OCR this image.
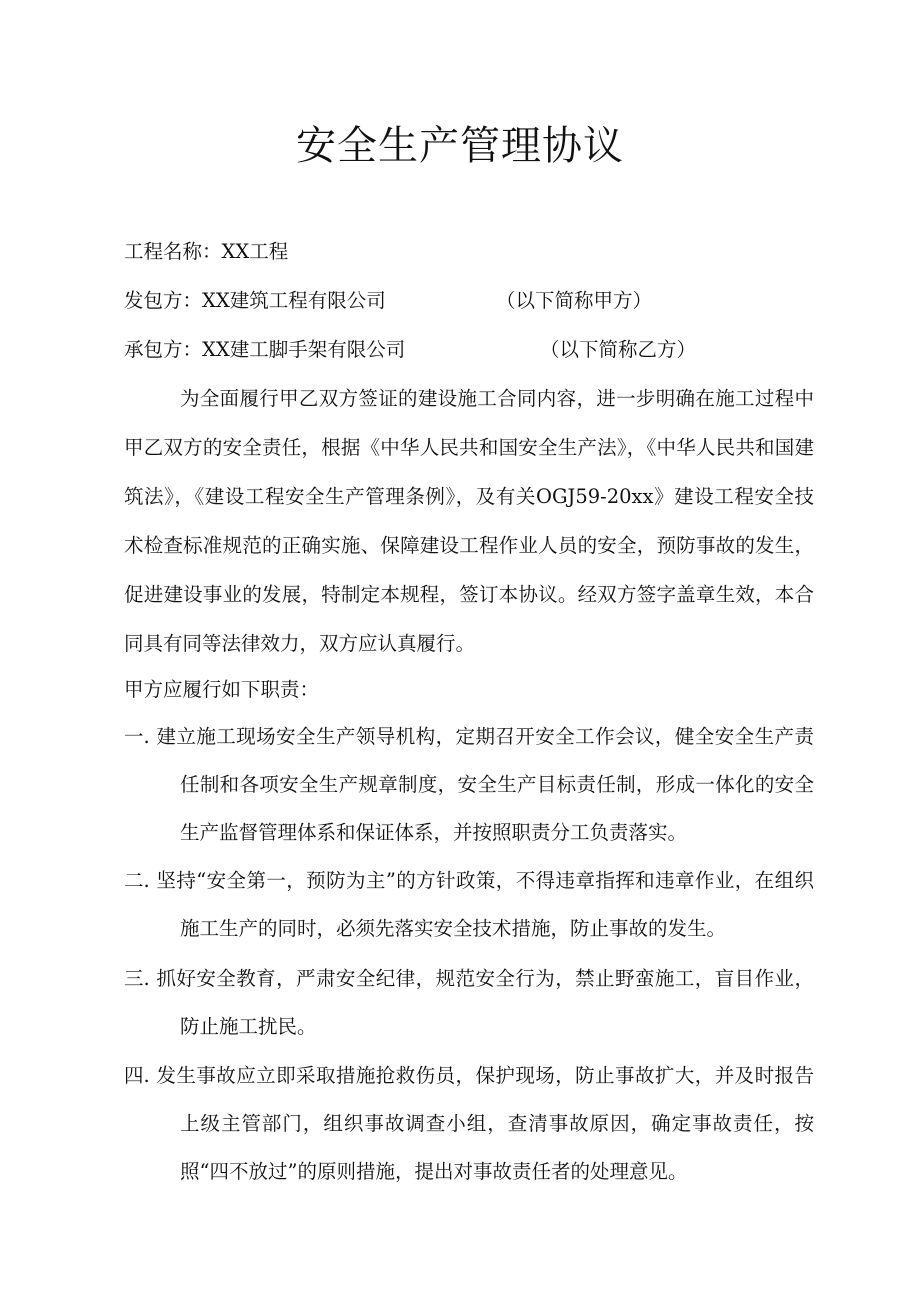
安全生产管理协议
工程名称：XX工程
发包方：XX建筑工程有限公司	（以下简称甲方）
承包方：XX建工脚手架有限公司	（以下简称乙方）
为全面履行甲乙双方签证的建设施工合同内容，进一步明确在施工过程中甲乙双方的安全责任，根据《中华人民共和国安全生产法》，《中华人民共和国建筑法》，《建设工程安全生产管理条例》，及有关OGJ59-20xx》建设工程安全技术检查标准规范的正确实施、保障建设工程作业人员的安全，预防事故的发生，促进建设事业的发展，特制定本规程，签订本协议。经双方签字盖章生效，本合同具有同等法律效力，双方应认真履行。
甲方应履行如下职责：
一. 建立施工现场安全生产领导机构，定期召开安全工作会议，健全安全生产责任制和各项安全生产规章制度，安全生产目标责任制，形成一体化的安全生产监督管理体系和保证体系，并按照职责分工负责落实。
二. 坚持“安全第一，预防为主”的方针政策，不得违章指挥和违章作业，在组织施工生产的同时，必须先落实安全技术措施，防止事故的发生。
三. 抓好安全教育，严肃安全纪律，规范安全行为，禁止野蛮施工，盲目作业，防止施工扰民。
四. 发生事故应立即采取措施抢救伤员，保护现场，防止事故扩大，并及时报告上级主管部门，组织事故调查小组，查清事故原因，确定事故责任，按照“四不放过”的原则措施，提出对事故责任者的处理意见。
